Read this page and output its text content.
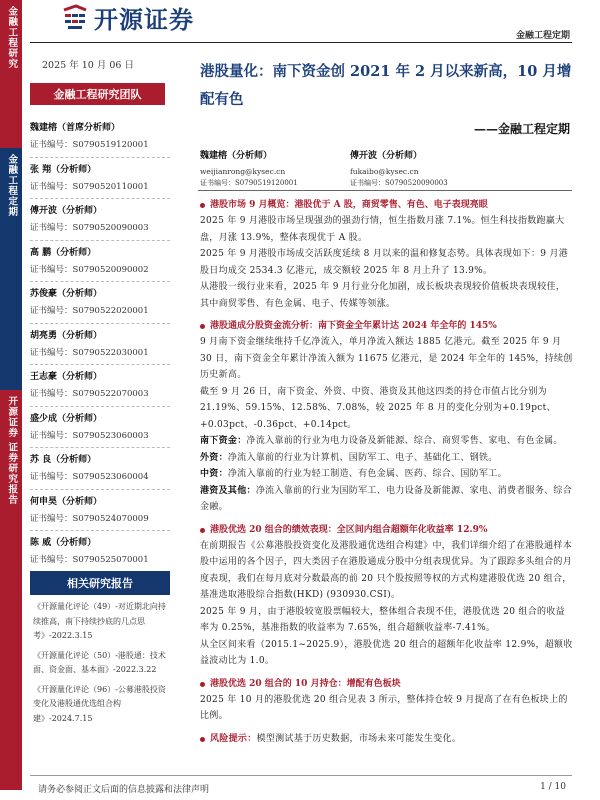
开源证券
金融工程定期
金融工程研究
金融工程定期
开源证券 证券研究报告
2025 年 10 月 06 日
金融工程研究团队
魏建榕（首席分析师）
证书编号：S0790519120001
张 翔（分析师）
证书编号：S0790520110001
傅开波（分析师）
证书编号：S0790520090003
高 鹏（分析师）
证书编号：S0790520090002
苏俊豪（分析师）
证书编号：S0790522020001
胡亮勇（分析师）
证书编号：S0790522030001
王志豪（分析师）
证书编号：S0790522070003
盛少成（分析师）
证书编号：S0790523060003
苏 良（分析师）
证书编号：S0790523060004
何申昊（分析师）
证书编号：S0790524070009
陈 威（分析师）
证书编号：S0790525070001
相关研究报告
《开源量化评论（49）-对近期北向持续推高，南下持续抄底的几点思考》-2022.3.15
《开源量化评论（50）-港股通：技术面、资金面、基本面》-2022.3.22
《开源量化评论（96）-公募港股投资变化及港股通优选组合构建》-2024.7.15
港股量化：南下资金创 2021 年 2 月以来新高，10 月增配有色
——金融工程定期
魏建榕（分析师）
weijianrong@kysec.cn
证书编号：S0790519120001
傅开波（分析师）
fukaibo@kysec.cn
证书编号：S0790520090003
港股市场 9 月概览：港股优于 A 股，商贸零售、有色、电子表现亮眼
2025 年 9 月港股市场呈现强劲的强劲行情，恒生指数月涨 7.1%。恒生科技指数跑赢大盘，月涨 13.9%，整体表现优于 A 股。
2025 年 9 月港股市场成交活跃度延续 8 月以来的温和修复态势。具体表现如下：9 月港股日均成交 2534.3 亿港元，成交额较 2025 年 8 月上升了 13.9%。
从港股一级行业来看，2025 年 9 月行业分化加剧，成长板块表现较价值板块表现较佳，其中商贸零售、有色金属、电子、传媒等领涨。
港股通成分股资金流分析：南下资金全年累计达 2024 年全年的 145%
9 月南下资金继续维持千亿净流入，单月净流入额达 1885 亿港元。截至 2025 年 9 月 30 日，南下资金全年累计净流入额为 11675 亿港元，是 2024 年全年的 145%，持续创历史新高。
截至 9 月 26 日，南下资金、外资、中资、港资及其他这四类的持仓市值占比分别为 21.19%、59.15%、12.58%、7.08%，较 2025 年 8 月的变化分别为+0.19pct、+0.03pct、-0.36pct、+0.14pct。
南下资金：净流入靠前的行业为电力设备及新能源、综合、商贸零售、家电、有色金属。
外资：净流入靠前的行业为计算机、国防军工、电子、基础化工、钢铁。
中资：净流入靠前的行业为轻工制造、有色金属、医药、综合、国防军工。
港资及其他：净流入靠前的行业为国防军工、电力设备及新能源、家电、消费者服务、综合金融。
港股优选 20 组合的绩效表现：全区间内组合超额年化收益率 12.9%
在前期报告《公募港股投资变化及港股通优选组合构建》中，我们详细介绍了在港股通样本股中运用的各个因子，四大类因子在港股通成分股中分组表现优异。为了跟踪多头组合的月度表现，我们在每月底对分数最高的前 20 只个股按照等权的方式构建港股优选 20 组合，基准选取港股综合指数(HKD) (930930.CSI)。
2025 年 9 月，由于港股较宽股票幅较大，整体组合表现不佳，港股优选 20 组合的收益率为 0.25%，基准指数的收益率为 7.65%，组合超额收益率-7.41%。
从全区间来看（2015.1~2025.9），港股优选 20 组合的超额年化收益率 12.9%，超额收益波动比为 1.0。
港股优选 20 组合的 10 月持仓：增配有色板块
2025 年 10 月的港股优选 20 组合见表 3 所示，整体持仓较 9 月提高了在有色板块上的比例。
风险提示：模型测试基于历史数据，市场未来可能发生变化。
请务必参阅正文后面的信息披露和法律声明	1 / 10
